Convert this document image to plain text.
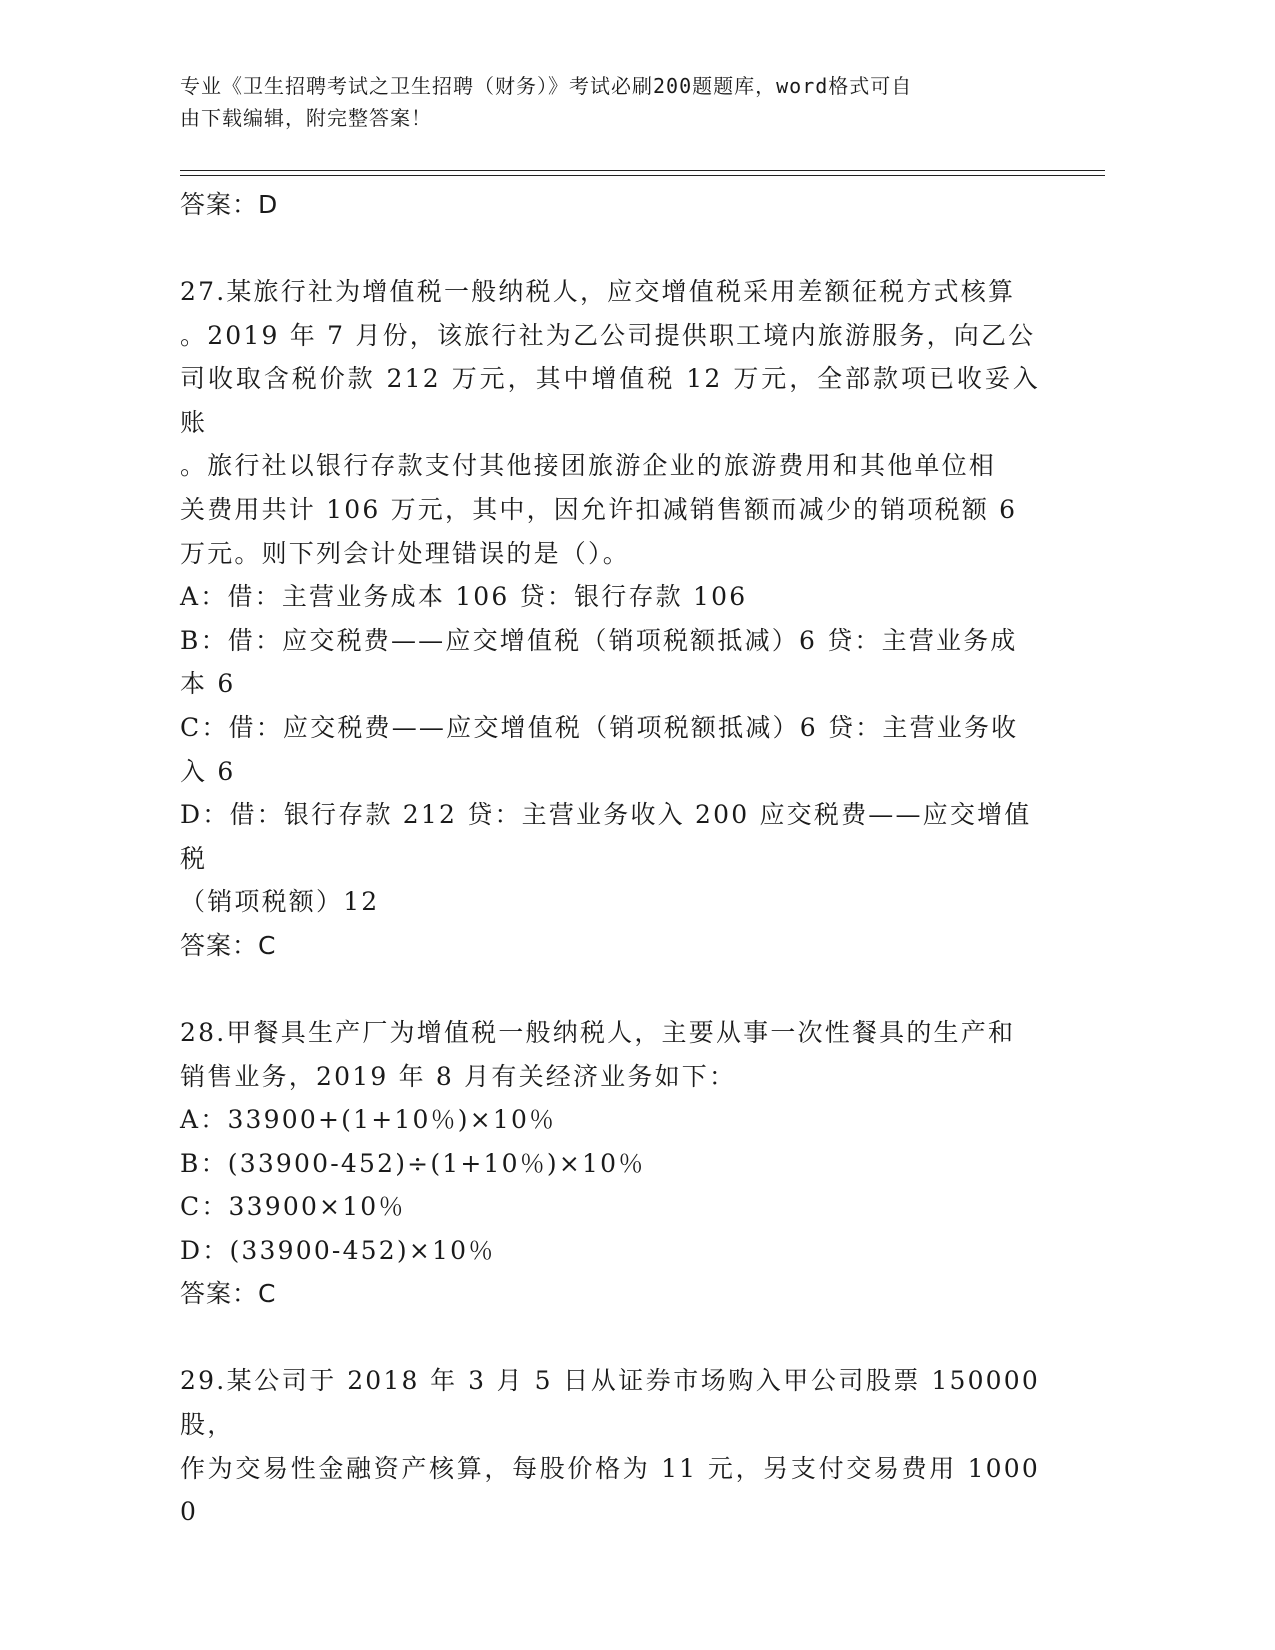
专业《卫生招聘考试之卫生招聘（财务）》考试必刷200题题库，word格式可自
由下载编辑，附完整答案！
答案：D
27.某旅行社为增值税一般纳税人，应交增值税采用差额征税方式核算
。2019 年 7 月份，该旅行社为乙公司提供职工境内旅游服务，向乙公
司收取含税价款 212 万元，其中增值税 12 万元，全部款项已收妥入账
。旅行社以银行存款支付其他接团旅游企业的旅游费用和其他单位相
关费用共计 106 万元，其中，因允许扣减销售额而减少的销项税额 6
万元。则下列会计处理错误的是（）。
A：借：主营业务成本 106 贷：银行存款 106
B：借：应交税费——应交增值税（销项税额抵减）6 贷：主营业务成
本 6
C：借：应交税费——应交增值税（销项税额抵减）6 贷：主营业务收
入 6
D：借：银行存款 212 贷：主营业务收入 200 应交税费——应交增值税
（销项税额）12
答案：C
28.甲餐具生产厂为增值税一般纳税人，主要从事一次性餐具的生产和
销售业务，2019 年 8 月有关经济业务如下：
A：33900+(1+10％)×10％
B：(33900-452)÷(1+10％)×10％
C：33900×10％
D：(33900-452)×10％
答案：C
29.某公司于 2018 年 3 月 5 日从证券市场购入甲公司股票 150000 股，
作为交易性金融资产核算，每股价格为 11 元，另支付交易费用 10000
